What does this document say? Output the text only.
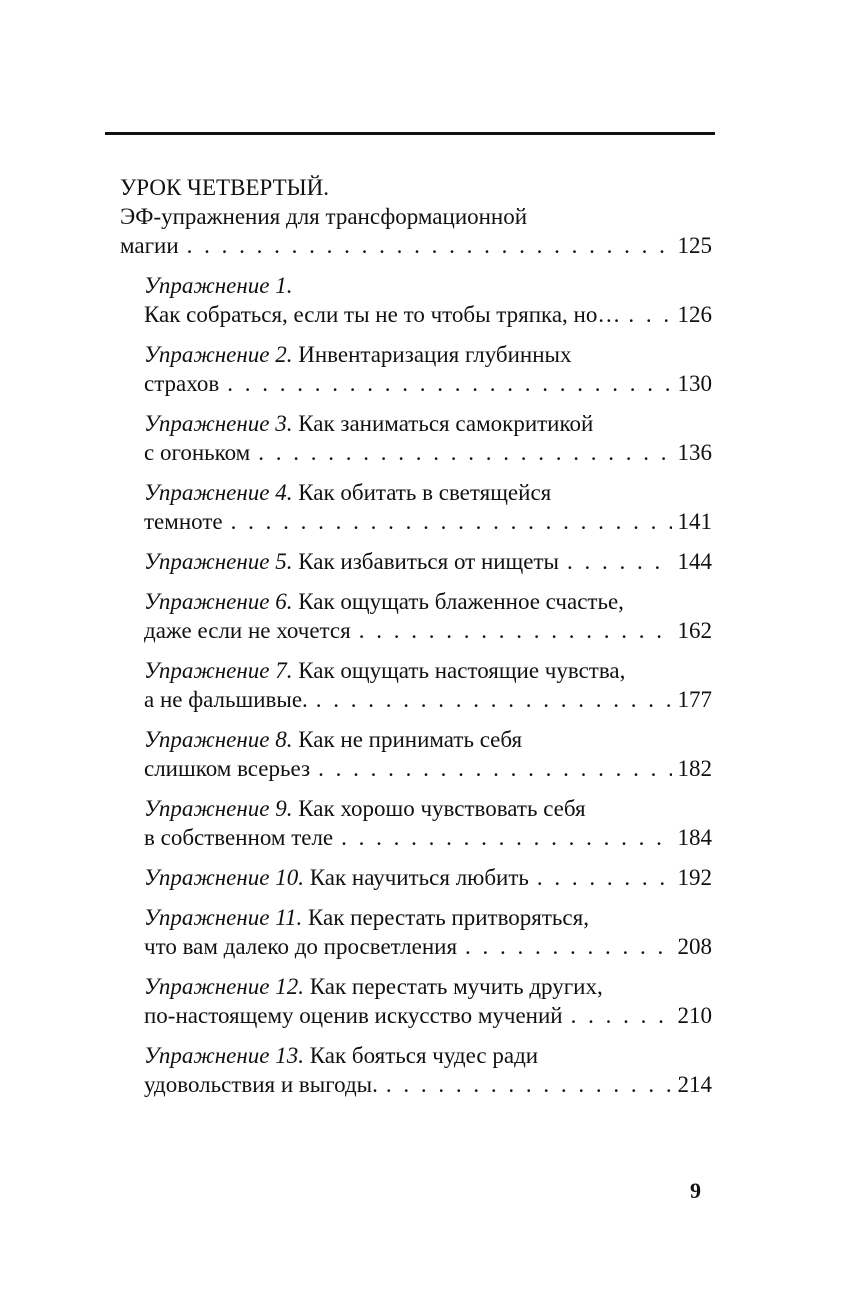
УРОК ЧЕТВЕРТЫЙ.
ЭФ-упражнения для трансформационной
магии . . .	125
Упражнение 1.
Как собраться, если ты не то чтобы тряпка, но… . . . 126
Упражнение 2. Инвентаризация глубинных
страхов . . .	130
Упражнение 3. Как заниматься самокритикой
с огоньком . . .	136
Упражнение 4. Как обитать в светящейся
темноте . . .	141
Упражнение 5. Как избавиться от нищеты . . .	144
Упражнение 6. Как ощущать блаженное счастье,
даже если не хочется . . .	162
Упражнение 7. Как ощущать настоящие чувства,
а не фальшивые. . . .	177
Упражнение 8. Как не принимать себя
слишком всерьез . . .	182
Упражнение 9. Как хорошо чувствовать себя
в собственном теле . . .	184
Упражнение 10. Как научиться любить . . .	192
Упражнение 11. Как перестать притворяться,
что вам далеко до просветления . . .	208
Упражнение 12. Как перестать мучить других,
по-настоящему оценив искусство мучений . . .	210
Упражнение 13. Как бояться чудес ради
удовольствия и выгоды. . . .	214
9
